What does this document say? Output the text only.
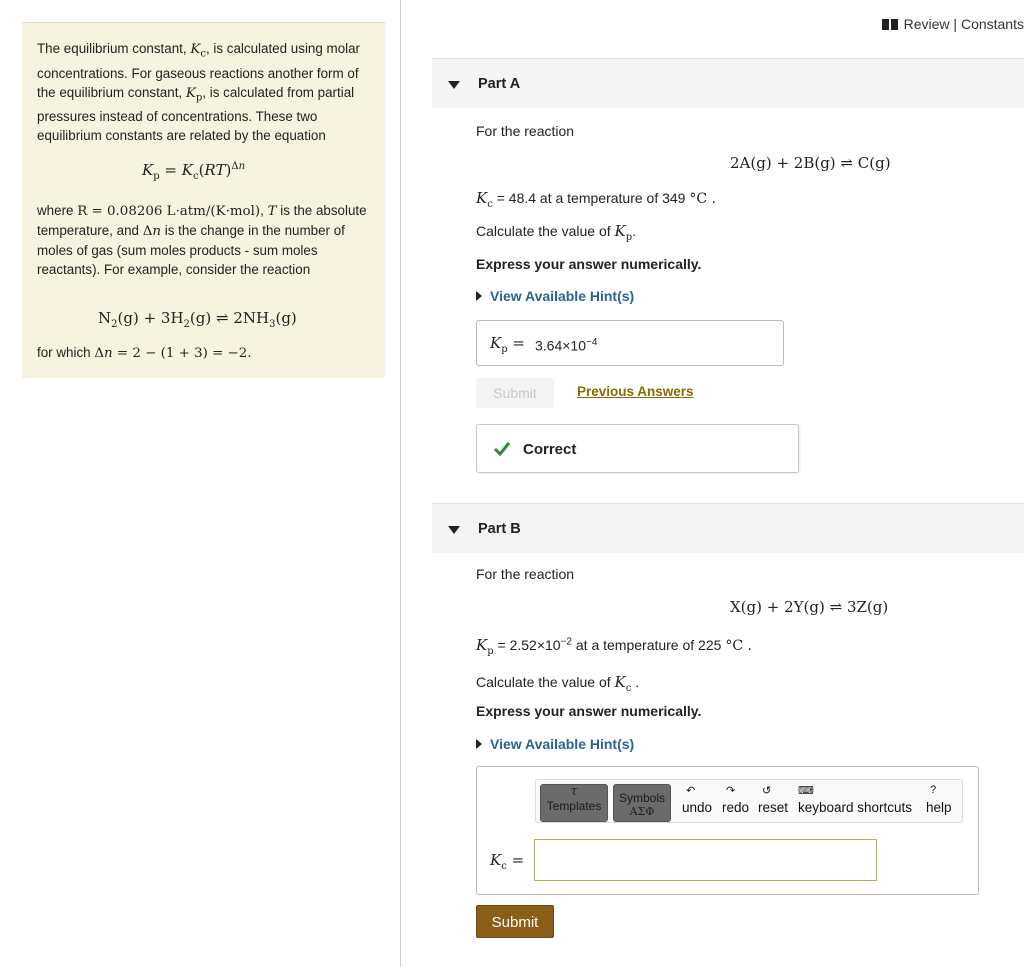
The equilibrium constant, $K_c$, is calculated using molar concentrations. For gaseous reactions another form of the equilibrium constant, $K_p$, is calculated from partial pressures instead of concentrations. These two equilibrium constants are related by the equation

$K_p = K_c(RT)^{\Delta n}$

where R = 0.08206 L·atm/(K·mol), T is the absolute temperature, and Δn is the change in the number of moles of gas (sum moles products - sum moles reactants). For example, consider the reaction

$N_2(g) + 3H_2(g)$ ⇌ $2NH_3(g)$

for which Δn = 2 − (1 + 3) = −2.

Review | Constants
Part A
For the reaction
2A(g) + 2B(g) ⇌ C(g)
$K_c = 48.4$ at a temperature of 349 °C .
Calculate the value of $K_p$.
Express your answer numerically.
View Available Hint(s)
$K_p = 3.64\times 10^{-4}$
Submit	Previous Answers
Correct
Part B
For the reaction
X(g) + 2Y(g) ⇌ 3Z(g)
$K_p = 2.52\times 10^{-2}$ at a temperature of 225 °C .
Calculate the value of $K_c$ .
Express your answer numerically.
View Available Hint(s)
τ
Templates
Symbols
ΑΣΦ
↶
undo
↷
redo
↺
reset
⌨
keyboard shortcuts
?
help
$K_c$ =
Submit
